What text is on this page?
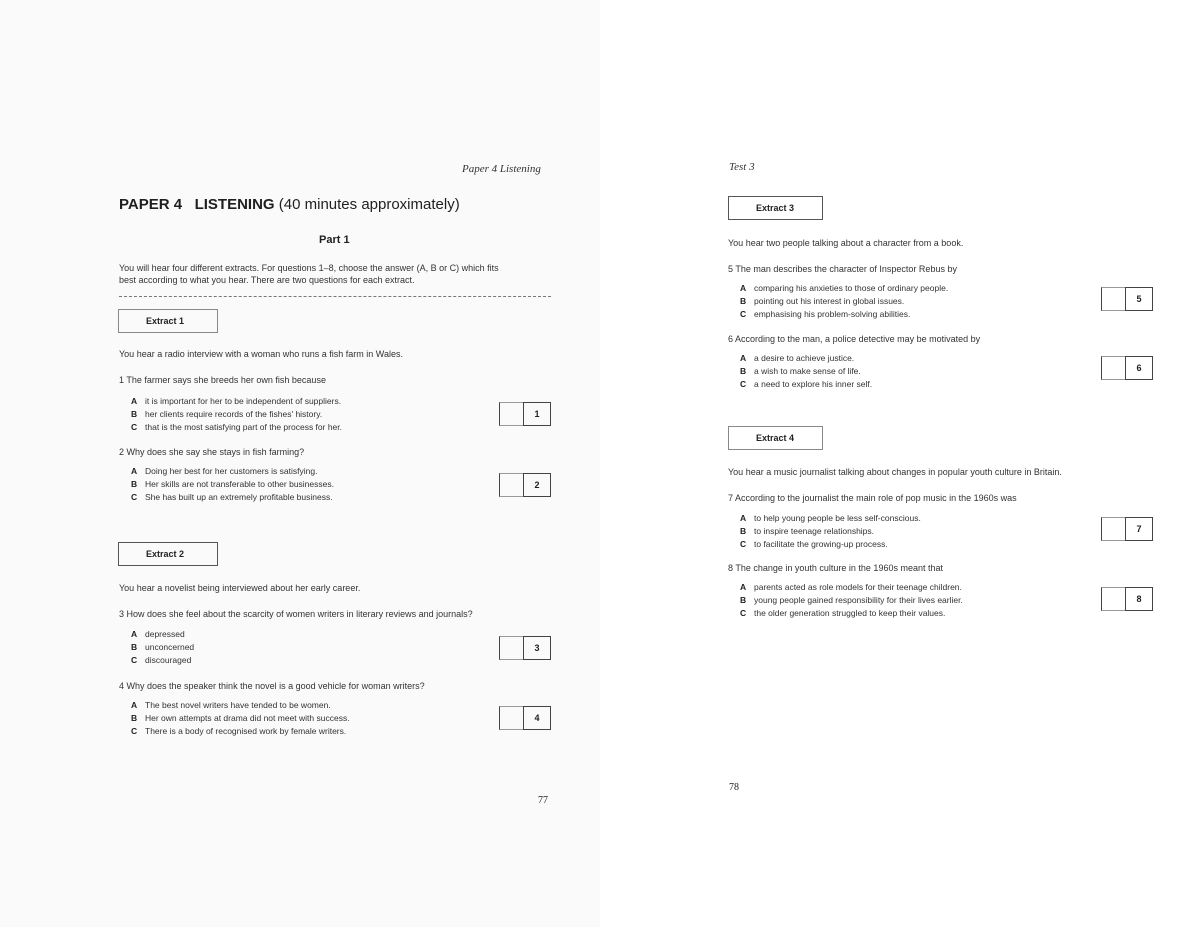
Paper 4 Listening
PAPER 4 LISTENING (40 minutes approximately)
Part 1
You will hear four different extracts. For questions 1–8, choose the answer (A, B or C) which fits
best according to what you hear. There are two questions for each extract.
Extract 1
You hear a radio interview with a woman who runs a fish farm in Wales.
1 The farmer says she breeds her own fish because
A it is important for her to be independent of suppliers.
B her clients require records of the fishes' history.
C that is the most satisfying part of the process for her.
1
2 Why does she say she stays in fish farming?
A Doing her best for her customers is satisfying.
B Her skills are not transferable to other businesses.
C She has built up an extremely profitable business.
2
Extract 2
You hear a novelist being interviewed about her early career.
3 How does she feel about the scarcity of women writers in literary reviews and journals?
A depressed
B unconcerned
C discouraged
3
4 Why does the speaker think the novel is a good vehicle for woman writers?
A The best novel writers have tended to be women.
B Her own attempts at drama did not meet with success.
C There is a body of recognised work by female writers.
4
77
Test 3
Extract 3
You hear two people talking about a character from a book.
5 The man describes the character of Inspector Rebus by
A comparing his anxieties to those of ordinary people.
B pointing out his interest in global issues.
C emphasising his problem-solving abilities.
5
6 According to the man, a police detective may be motivated by
A a desire to achieve justice.
B a wish to make sense of life.
C a need to explore his inner self.
6
Extract 4
You hear a music journalist talking about changes in popular youth culture in Britain.
7 According to the journalist the main role of pop music in the 1960s was
A to help young people be less self-conscious.
B to inspire teenage relationships.
C to facilitate the growing-up process.
7
8 The change in youth culture in the 1960s meant that
A parents acted as role models for their teenage children.
B young people gained responsibility for their lives earlier.
C the older generation struggled to keep their values.
8
78
